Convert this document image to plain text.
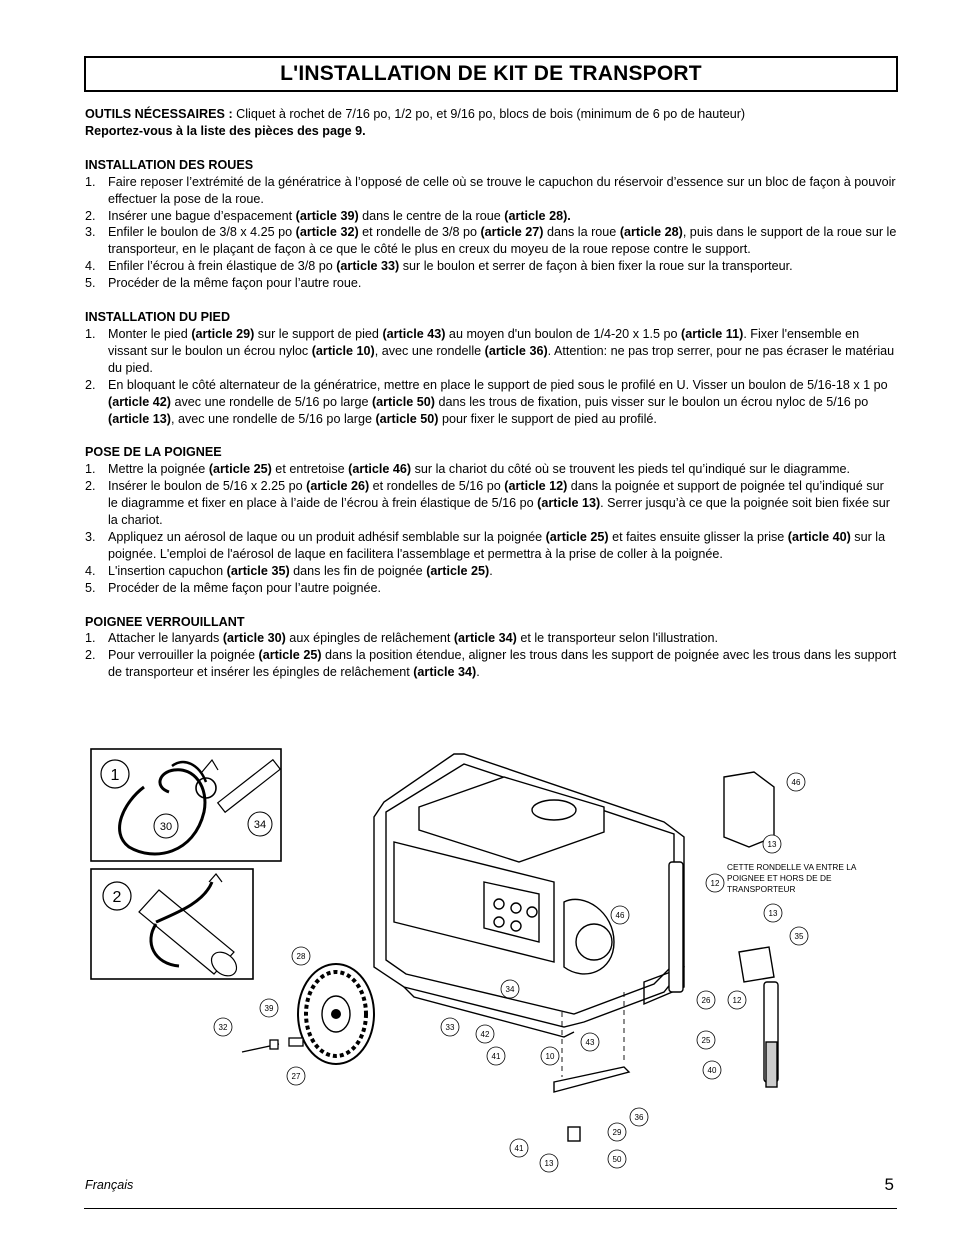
L'INSTALLATION DE KIT DE TRANSPORT

OUTILS NÉCESSAIRES : Cliquet à rochet de 7/16 po, 1/2 po, et 9/16 po, blocs de bois (minimum de 6 po de hauteur)

Reportez-vous à la liste des pièces des page 9.

INSTALLATION DES ROUES
1. Faire reposer l’extrémité de la génératrice à l’opposé de celle où se trouve le capuchon du réservoir d’essence sur un bloc de façon à pouvoir effectuer la pose de la roue.
2. Insérer une bague d’espacement (article 39) dans le centre de la roue (article 28).
3. Enfiler le boulon de 3/8 x 4.25 po (article 32) et rondelle de 3/8 po (article 27) dans la roue (article 28), puis dans le support de la roue sur le transporteur, en le plaçant de façon à ce que le côté le plus en creux du moyeu de la roue repose contre le support.
4. Enfiler l’écrou à frein élastique de 3/8 po (article 33) sur le boulon et serrer de façon à bien fixer la roue sur la transporteur.
5. Procéder de la même façon pour l’autre roue.
INSTALLATION DU PIED
1. Monter le pied (article 29) sur le support de pied (article 43) au moyen d'un boulon de 1/4-20 x 1.5 po (article 11). Fixer l'ensemble en vissant sur le boulon un écrou nyloc (article 10), avec une rondelle (article 36). Attention: ne pas trop serrer, pour ne pas écraser le matériau du pied.
2. En bloquant le côté alternateur de la génératrice, mettre en place le support de pied sous le profilé en U. Visser un boulon de 5/16-18 x 1 po (article 42) avec une rondelle de 5/16 po large (article 50) dans les trous de fixation, puis visser sur le boulon un écrou nyloc de 5/16 po (article 13), avec une rondelle de 5/16 po large (article 50) pour fixer le support de pied au profilé.
POSE DE LA POIGNEE
1. Mettre la poignée (article 25) et entretoise (article 46) sur la chariot du côté où se trouvent les pieds tel qu’indiqué sur le diagramme.
2. Insérer le boulon de 5/16 x 2.25 po (article 26) et rondelles de 5/16 po (article 12) dans la poignée et support de poignée tel qu’indiqué sur le diagramme et fixer en place à l’aide de l’écrou à frein élastique de 5/16 po (article 13). Serrer jusqu’à ce que la poignée soit bien fixée sur la chariot.
3. Appliquez un aérosol de laque ou un produit adhésif semblable sur la poignée (article 25) et faites ensuite glisser la prise (article 40) sur la poignée. L'emploi de l'aérosol de laque en facilitera l'assemblage et permettra à la prise de coller à la poignée.
4. L'insertion capuchon (article 35) dans les fin de poignée (article 25).
5. Procéder de la même façon pour l’autre poignée.
POIGNEE VERROUILLANT
1. Attacher le lanyards (article 30) aux épingles de relâchement (article 34) et le transporteur selon l'illustration.
2. Pour verrouiller la poignée (article 25) dans la position étendue, aligner les trous dans les support de poignée avec les trous dans les support de transporteur et insérer les épingles de relâchement (article 34).
1
30	34
2
CETTE RONDELLE VA ENTRE LA
POIGNEE ET HORS DE DE
TRANSPORTEUR
46
13
12
13
35
46
28
34
26	12
39
32	33
42
43	25
41	10
40
27
36
29
41
13	50
Français	5
